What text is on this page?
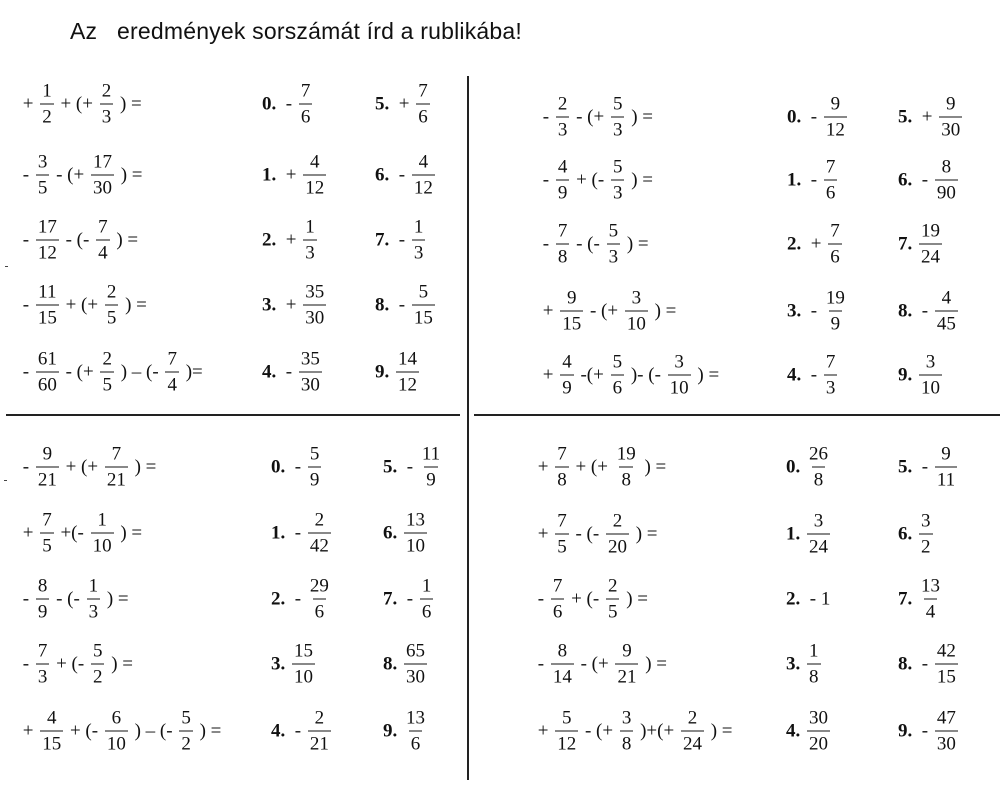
Az   eredmények sorszámát írd a rublikába!
+ $\frac{1}{2}$ + (+ $\frac{2}{3}$ ) =	0. - $\frac{7}{6}$	5. + $\frac{7}{6}$
- $\frac{3}{5}$ - (+ $\frac{17}{30}$ ) =	1. + $\frac{4}{12}$	6. - $\frac{4}{12}$
- $\frac{17}{12}$ - (- $\frac{7}{4}$ ) =	2. + $\frac{1}{3}$	7. - $\frac{1}{3}$
- $\frac{11}{15}$ + (+ $\frac{2}{5}$ ) =	3. + $\frac{35}{30}$	8. - $\frac{5}{15}$
- $\frac{61}{60}$ - (+ $\frac{2}{5}$ ) – (- $\frac{7}{4}$ )=	4. - $\frac{35}{30}$	9. $\frac{14}{12}$
- $\frac{2}{3}$ - (+ $\frac{5}{3}$ ) =	0. - $\frac{9}{12}$	5. + $\frac{9}{30}$
- $\frac{4}{9}$ + (- $\frac{5}{3}$ ) =	1. - $\frac{7}{6}$	6. - $\frac{8}{90}$
- $\frac{7}{8}$ - (- $\frac{5}{3}$ ) =	2. + $\frac{7}{6}$	7. $\frac{19}{24}$
+ $\frac{9}{15}$ - (+ $\frac{3}{10}$ ) =	3. - $\frac{19}{9}$	8. - $\frac{4}{45}$
+ $\frac{4}{9}$ -(+ $\frac{5}{6}$ )- (- $\frac{3}{10}$ ) =	4. - $\frac{7}{3}$	9. $\frac{3}{10}$
- $\frac{9}{21}$ + (+ $\frac{7}{21}$ ) =	0. - $\frac{5}{9}$	5. - $\frac{11}{9}$
+ $\frac{7}{5}$ +(- $\frac{1}{10}$ ) =	1. - $\frac{2}{42}$	6. $\frac{13}{10}$
- $\frac{8}{9}$ - (- $\frac{1}{3}$ ) =	2. - $\frac{29}{6}$	7. - $\frac{1}{6}$
- $\frac{7}{3}$ + (- $\frac{5}{2}$ ) =	3. $\frac{15}{10}$	8. $\frac{65}{30}$
+ $\frac{4}{15}$ + (- $\frac{6}{10}$ ) – (- $\frac{5}{2}$ ) = 4. - $\frac{2}{21}$	9. $\frac{13}{6}$
+ $\frac{7}{8}$ + (+ $\frac{19}{8}$ ) =	0. $\frac{26}{8}$	5. - $\frac{9}{11}$
+ $\frac{7}{5}$ - (- $\frac{2}{20}$ ) =	1. $\frac{3}{24}$	6. $\frac{3}{2}$
- $\frac{7}{6}$ + (- $\frac{2}{5}$ ) =	2. - 1	7. $\frac{13}{4}$
- $\frac{8}{14}$ - (+ $\frac{9}{21}$ ) =	3. $\frac{1}{8}$	8. - $\frac{42}{15}$
+ $\frac{5}{12}$ - (+ $\frac{3}{8}$ )+(+ $\frac{2}{24}$ ) =	4. $\frac{30}{20}$	9. - $\frac{47}{30}$
